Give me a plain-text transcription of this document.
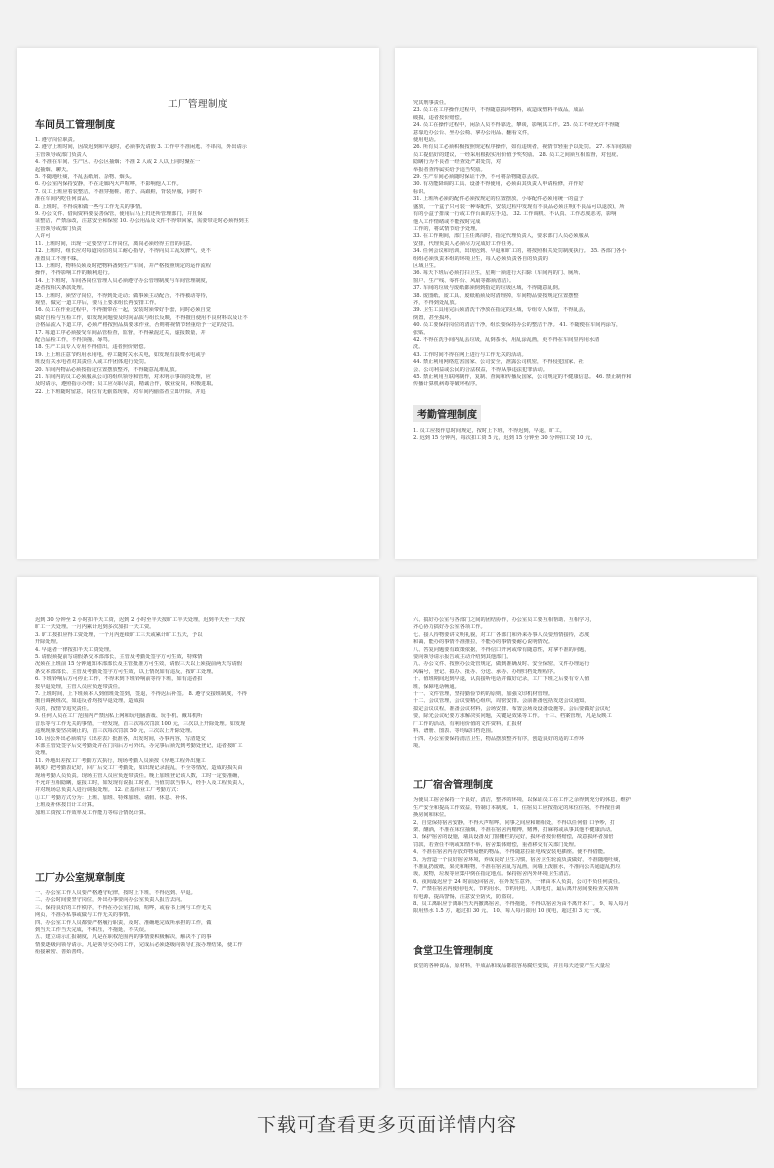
工厂管理制度
车间员工管理制度
1. 遵守岗位职责。
2. 遵守上班时间，因故迟到和早退时，必须事先请假 3. 工作中不准闲逛、不串岗，外出请示
主管领导或部门负责人
4. 不准在车间、生产区、办公区抽烟；不准 2 人或 2 人以上同时聚在一
起抽烟、聊天。
5. 不随地吐痰，不乱丢纸屑、杂物、烟头。
6. 办公室内保持安静，不在走廊内大声喧哗，不影响他人工作。
7. 员工上班应着装整洁，不准穿拖鞋、裙子、高跟鞋，背装异服，同时不
准在车间内吃任何食品。
8. 上班时，不得说和做一些与工作无关的事情。
9. 办公文件、借阅资料要妥善保管，使用后马上归还所管理部门，并且保
证整洁，严禁涂改，注意安全和保密 10. 办公用品及文件不得带回家，需要带走时必须得到主
主管领导或部门负责
人许可
11. 上班时间，出现一定要坚守工作岗位，离岗必须经得主管的同意。
12. 上班时，组长应对每道岗位的员工耐心指导，不得向员工乱发脾气，更不
准置员工不理不睬。
13. 上班时，物料员须及时把物料备到生产车间，并严格按照规定的运作流程
操作，不得影响工作的顺利进行。
14. 上下班时，车间各岗位管理人员必须遵守办公管理制度与车间管理制度，
逐者按相关条款处理。
15. 上班时，须坚守岗位，不得到处走动；做事须主动配合，不得被动等待，
观望、做完一道工序后，要马上要求组长再安排工作。
16. 员工在作业过程中，不得擅带在一起，安装时须带好手套，同时必须自觉
做好自检与互检工作，如发现问题要及时向品质与组长反映，不得擅自使用不良材料以及让不
合格品流入下道工序，必须严格按照品质要求作业，否则将视情节轻重给予一定的处罚。
17. 每道工序必须接受车间品管检查，监督，不得紧混过关，虚报数量，并
配合品检工作，不得顶撞、辱骂。
18. 生产工具专人专用不得借出，违者照价赔偿。
19. 上上班注意节约用水用电，停工随时关水关电，如发现有浪费水电或乎
班没有关水电者对其责任人或工作团体进行处罚。
20. 车间内物品必须按指定位置摆放整齐，不得随意乱堆乱放。
21. 车间内的员工必须服从公司的组织领导和管理，对未明示事项的处理，应
及时请示，遵照指示办理；员工应尽职尽责，精诚合作，敬业爱岗，积极进取。
22. 上下班随时留意，岗位有无偷盗现象，对车间内偷盗者立即开除，并追
究其刑事责任。
23. 员工在工序操作过程中，不得随意损坏物料，或造成塑料半成品，成品
破损，违者按价赔偿。
24. 员工在操作过程中，闲杂人员不得靠近，攀谈，影响其工作。25. 员工不经允许不得随
意靠近办公台、坐办公椅、拿办公用品、翻看文件，
使用电话。
26. 所有员工必须积极按照规定程序操作，如有违规者，视情节轻重予以处罚。 27. 本车间鼓励
员工提倡好的建议，一经采用根据实用价值予奖奖励。 28. 员工之间须互相监督，对包庇、
隐瞒行为不良者一经查处严肃处罚，对
举报者查得属实给予适当奖励。
29. 生产车间必须随时保证干净，不可将杂物随意丢放。
30. 有功能降调的工具、设备不得使用，必须由其负责人申请检修，并作好
标识。
31. 上班所必须的配件必须按规定的位置摆放，小零配件必须用统一的盒子
盛放，一个盒子只可装一种零配件，安装过程中发现有不良品必须注明(不良品可以退放)，所
有的小盒子排成一行或工作台面的左手边。 32. 工作调机、不认真、工作态度恶劣，影响
他人工作情绪或不能按时完成
工作的，将试情节给予处理。
33. 在工作期间，部门主任离岗时，指定代理负责人，要求部门人员必须服从
安排，代理负责人必须尽力完成好工作任务。
34. 任何会议和培训，出现迟到、早退和旷工的，将按照相关处罚制度执行。 35. 各部门各小
组组必须负责本组的环境卫生，每人必须负责各自的负责的
区域卫生。
36. 每天下班后必须打扫卫生，星期一须进行大扫除（车间内的门、厕所、
窗户、生产线、零件台、风扇等都须清洁）。
37. 车间的垃圾与废纸都须倒到指定的垃圾区域，不得随意乱倒。
38. 废图纸、废工具、废纸箱须及时清理掉，车间物品要按规定位置摆整
齐，不得到处乱放。
39. 卫生工具用完后须清洗干净放在指定的区域，专组专人保管，不得乱丢，
倒置，甚至损坏。
40. 员工要保持岗位的清洁干净，组长要保持办公的整洁干净。 41. 不随便在车间内涂写，
张贴。
42. 不得在洗手间内乱丢垃圾，乱倒茶水，用乱涂乱画，更不得在车间里内用水清
洗。
43. 工作时间不得在网上进行与工作无关的活动。
44. 禁止利用网络危害国家、公司安全，泄露公司机密，不得侵犯国家、社
会、公司利益或公民的合法权益，不得从事违法犯罪活动。
45. 禁止利用互联网制作，复制、查阅和传播反国家，公司规定的不健康信息。 46. 禁止制作和
传播计算机病毒等破坏程序。
考勤管理制度
1. 员工应按作息时间规定，按时上下班，不得迟到，早退，旷工。
2. 迟到 15 分钟内，每次扣工资 5 元，迟到 15 分钟至 30 分钟扣工资 10 元，
迟到 30 分钟至 2 小时扣半天工资，迟到 2 小时至半天按旷工半天处理，迟到半天至一天按
旷工一天处理。一月内累计迟到多次加扣一天工资。
3. 旷工按扣应得工资处理，一个月内连续旷工三天或累计旷工五天，予以
开除处理。
4. 早退者一律按扣半天工资处理。
5. 请假须提前写请假条交本部部长，主管及考勤处签字方可生效，特殊情
况须在上班前 15 分钟通知本部部长及主管批准方可生效，请假三天以上须提前两天写请假
条交本部部长、主管及考勤处签字方可生效，以上情况如有违反，按旷工处理。
6. 下班铃响后方可停止工作，不得未到下班铃响前等待下班，如有违者扣
按早退处理，主管人员应负连带责任。
7. 上班时间，上下班须本人到值班处签到，签退，不得迟后补签。 8. 遵守交接班制度，不得
擅自调换班次，如违反者均按早退处理，造成损
失的，按情节追究责任。
9. 任何人员在工厂范围内严禁因私上网和玩电脑游戏、玩手机、戴耳机听
音乐等与工作无关的事情，一经发现，首三次每次罚款 100 元，三次以上开除处理。如发现
违规现象要坚决制止的，首三次每次罚款 50 元，三次以上开除处理。
10. 因公外出必须填写《出差表》批准各，出发时间，办事内容，写清楚交
本部主管处签字后交考勤处并在门岗后方可外出，办完事后须先到考勤处登记，违者按旷工
处理。
11. 外地出差按工厂考勤方式执行，现场考勤人员须按《异地工程外出施工
制度》把考勤表记好，回厂后交工厂考勤处，如出现记录混乱，不全等情况，造成的损失由
现场考勤人员负责。现场主管人员应负连带责任。晚上加班登记该人数，工时一定要准确，
不允许互相隐瞒，虚报工时，如发现有说报工时者，当值罚款当事人，经手人及工程负责人，
并对现场总负责人进行调报处理。 12. 正基伟业工厂考勤方式：
①工厂考勤方式分为：上班、加班、特殊加班、请假、休息、补休、
上班及补休按日计工计算。
加班工资按工作效率及工作能力等综合情况计算。
工厂办公室规章制度
一、办公室工作人员要严格遵守纪律，按时上下班，不得迟到、早退。
二、办公时间要坚守岗位，外出办事要向办公室负责人报告去向。
三、保持良好的工作秩序，不得在办公室打闹，喧哗，或看书上网与工作无关
网页，不准办私事或做与工作无关的事情。
四、办公室工作人员都要严格履行职责，及时、准确地完成所承担的工作，做
到当天工作当天完成，不积压，不拖延，不失误。
五、建立请示汇报制度，凡是在职权范围内的事情要积极解决，解决不了的事
情要逐级向领导请示。凡是领导交办的工作，完成后必须逐级向领导汇报办理结果，使工作
衔接紧密、善始善终。
六、搞好办公室与各部门之间的团结协作，办公室员工要互相帮助、互相学习，
齐心协力搞好办公室各项工作。
七、接人待物要讲文明礼貌，对工厂各部门和外来办事人员要热情接待，态度
和蔼，能办的事情不准推拉，不能办的事情要耐心说明情况。
八、答复问题要有政策依据，不得信口开河或带有随意性，对拿不准的问题，
要向领导请示报告或主动介绍到其他部门。
九、办公文件、按照办公处管规定，做到准确及时、安全保密，文件办理运行
风编号，登记、拟办、批办、分送、承办、办理归档处理程序。
十、值班期间迟到早退，认真接听电话并做好记录，工厂下班之后要有专人值
班，保障电话畅通。
十一、文件管理，坚持勤俭节约的原则，加强文印机材管理。
十二、会议管理，会议要精心组织，周密安排。会前准备包括发送会议通知，
拟定会议议程，准备会议材料，会场安排、布置会场及设备设施等。会后要做好会议纪
要，除光会议纪要方求解决实问题，关键是效果等工作。 十三、档案管理，凡是反映工
厂工作的活动，有利用价值的文件资料，汇报材
料、谱册、图表、等均属归档范围。
十四、办公室要保持清洁卫生，物品摆放整齐有序，创造良好的适的工作环
境。
工厂宿舍管理制度
为使员工宿舍保持一个良好，清洁，整齐的环境，以保证员工在工作之余得到充分的休息，维护
生产安全和提高工作效益，特制订本制度。 1、住宿员工应按指定的床位住宿，不得擅自调
换房间和床位。
2、自觉保持宿舍安静，不得大声喧哗，同事之间应和睦相处，不得以任何借 口争吵，打
架、酗酒，不准在床位抽烟，不准在宿舍内赌博，赌博，打麻将或从事其他不健康活动。
3、保护宿舍的设施，墙具设备及门窗栅栏的完好，损坏者按价格赔偿，故意损坏者加倍
罚款，若查任不明或知情不举，宿舍集体赔偿，重者移交有关部门处理。
4、不准在宿舍内存放炸物易燃的物品，不得随意拉扯电线安装电插座。使不得借能。
5、为营造一个良好宿舍环境，养成良好卫生习惯，宿舍卫生轮流负责做好，不准随地吐痰，
不准乱扔废纸，果壳和鞋物，不准在宿舍乱写乱画，向墙上泼脏水，不准向公共通道乱扔垃
圾，废物，垃圾等应集中倒在指定地点。保持宿舍内外环境卫生清洁。
6、夜间最迟应于 24 时前返回宿舍，在外发生意外，一律由本人负责，公司不负任何责任。
7、严禁在宿舍内使用电火，节约用水，节约用电，人离电灯，最后离开房间要检查关掉所
有电源，提高警惕，注意安全防火，防盗窃。
8、员工离职应于离职当天内撤离宿舍，不得拖延，不得以宿舍为由不离开本厂。 9、每人每月
限用热水 1.5 方，超过扣 30 元。 10、每人每月限用 10 度电，超过扣 3 元一度。
食堂卫生管理制度
食堂的各种食品，原材料，半成品和成品都很容易腐烂变质，并且每天还要产生大量垃
下载可查看更多页面详情内容
